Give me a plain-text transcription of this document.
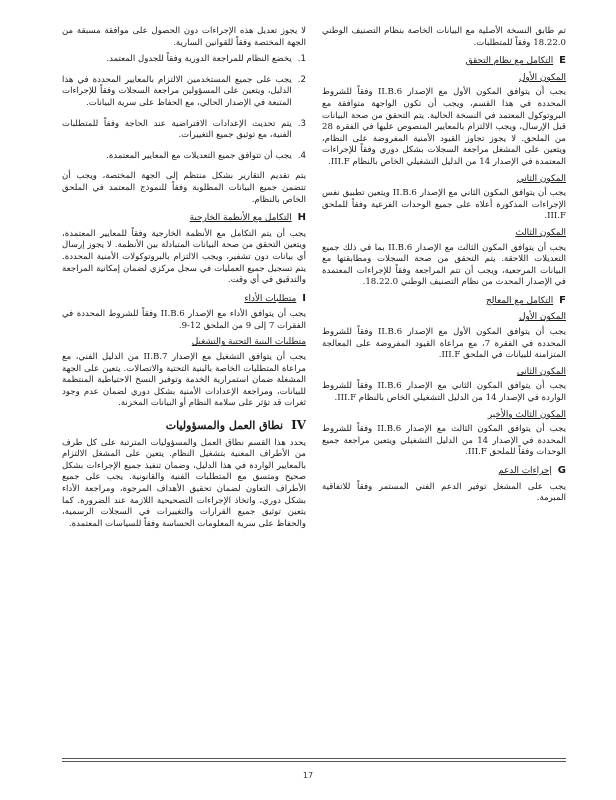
تم طابق النسخة الأصلية مع البيانات الخاصة بنظام التصنيف الوطني 18.22.0 وفقاً للمتطلبات.

E
التكامل مع نظام التحقق
المكون الأول

يجب أن يتوافق المكون الأول مع الإصدار II.B.6 وفقاً للشروط المحددة في هذا القسم، ويجب أن تكون الواجهة متوافقة مع البروتوكول المعتمد في النسخة الحالية. يتم التحقق من صحة البيانات قبل الإرسال، ويجب الالتزام بالمعايير المنصوص عليها في الفقرة 28 من الملحق. لا يجوز تجاوز القيود الأمنية المفروضة على النظام، ويتعين على المشغل مراجعة السجلات بشكل دوري وفقاً للإجراءات المعتمدة في الإصدار 14 من الدليل التشغيلي الخاص بالنظام III.F.

المكون الثاني

يجب أن يتوافق المكون الثاني مع الإصدار II.B.6 ويتعين تطبيق نفس الإجراءات المذكورة أعلاه على جميع الوحدات الفرعية وفقاً للملحق III.F.

المكون الثالث

يجب أن يتوافق المكون الثالث مع الإصدار II.B.6 بما في ذلك جميع التعديلات اللاحقة. يتم التحقق من صحة السجلات ومطابقتها مع البيانات المرجعية، ويجب أن تتم المراجعة وفقاً للإجراءات المعتمدة في الإصدار المحدث من نظام التصنيف الوطني 18.22.0.

F
التكامل مع المعالج
المكون الأول

يجب أن يتوافق المكون الأول مع الإصدار II.B.6 وفقاً للشروط المحددة في الفقرة 7، مع مراعاة القيود المفروضة على المعالجة المتزامنة للبيانات في الملحق III.F.

المكون الثاني

يجب أن يتوافق المكون الثاني مع الإصدار II.B.6 وفقاً للشروط الواردة في الإصدار 14 من الدليل التشغيلي الخاص بالنظام III.F.

المكون الثالث والأخير

يجب أن يتوافق المكون الثالث مع الإصدار II.B.6 وفقاً للشروط المحددة في الإصدار 14 من الدليل التشغيلي ويتعين مراجعة جميع الوحدات وفقاً للملحق III.F.

G
إجراءات الدعم

يجب على المشغل توفير الدعم الفني المستمر وفقاً للاتفاقية المبرمة.

لا يجوز تعديل هذه الإجراءات دون الحصول على موافقة مسبقة من الجهة المختصة وفقاً للقوانين السارية.

1.
يخضع النظام للمراجعة الدورية وفقاً للجدول المعتمد.
2.
يجب على جميع المستخدمين الالتزام بالمعايير المحددة في هذا الدليل، ويتعين على المسؤولين مراجعة السجلات وفقاً للإجراءات المتبعة في الإصدار الحالي، مع الحفاظ على سرية البيانات.
3.
يتم تحديث الإعدادات الافتراضية عند الحاجة وفقاً للمتطلبات الفنية، مع توثيق جميع التغييرات.
4.
يجب أن تتوافق جميع التعديلات مع المعايير المعتمدة.

يتم تقديم التقارير بشكل منتظم إلى الجهة المختصة، ويجب أن تتضمن جميع البيانات المطلوبة وفقاً للنموذج المعتمد في الملحق الخاص بالنظام.

H
التكامل مع الأنظمة الخارجية

يجب أن يتم التكامل مع الأنظمة الخارجية وفقاً للمعايير المعتمدة، ويتعين التحقق من صحة البيانات المتبادلة بين الأنظمة. لا يجوز إرسال أي بيانات دون تشفير، ويجب الالتزام بالبروتوكولات الأمنية المحددة. يتم تسجيل جميع العمليات في سجل مركزي لضمان إمكانية المراجعة والتدقيق في أي وقت.

I
متطلبات الأداء

يجب أن يتوافق الأداء مع الإصدار II.B.6 وفقاً للشروط المحددة في الفقرات 7 إلى 9 من الملحق 12-9.

متطلبات البنية التحتية والتشغيل

يجب أن يتوافق التشغيل مع الإصدار II.B.7 من الدليل الفني، مع مراعاة المتطلبات الخاصة بالبنية التحتية والاتصالات. يتعين على الجهة المشغلة ضمان استمرارية الخدمة وتوفير النسخ الاحتياطية المنتظمة للبيانات، ومراجعة الإعدادات الأمنية بشكل دوري لضمان عدم وجود ثغرات قد تؤثر على سلامة النظام أو البيانات المخزنة.

IV
نطاق العمل والمسؤوليات

يحدد هذا القسم نطاق العمل والمسؤوليات المترتبة على كل طرف من الأطراف المعنية بتشغيل النظام. يتعين على المشغل الالتزام بالمعايير الواردة في هذا الدليل، وضمان تنفيذ جميع الإجراءات بشكل صحيح ومتسق مع المتطلبات الفنية والقانونية. يجب على جميع الأطراف التعاون لضمان تحقيق الأهداف المرجوة، ومراجعة الأداء بشكل دوري، واتخاذ الإجراءات التصحيحية اللازمة عند الضرورة. كما يتعين توثيق جميع القرارات والتغييرات في السجلات الرسمية، والحفاظ على سرية المعلومات الحساسة وفقاً للسياسات المعتمدة.

17
